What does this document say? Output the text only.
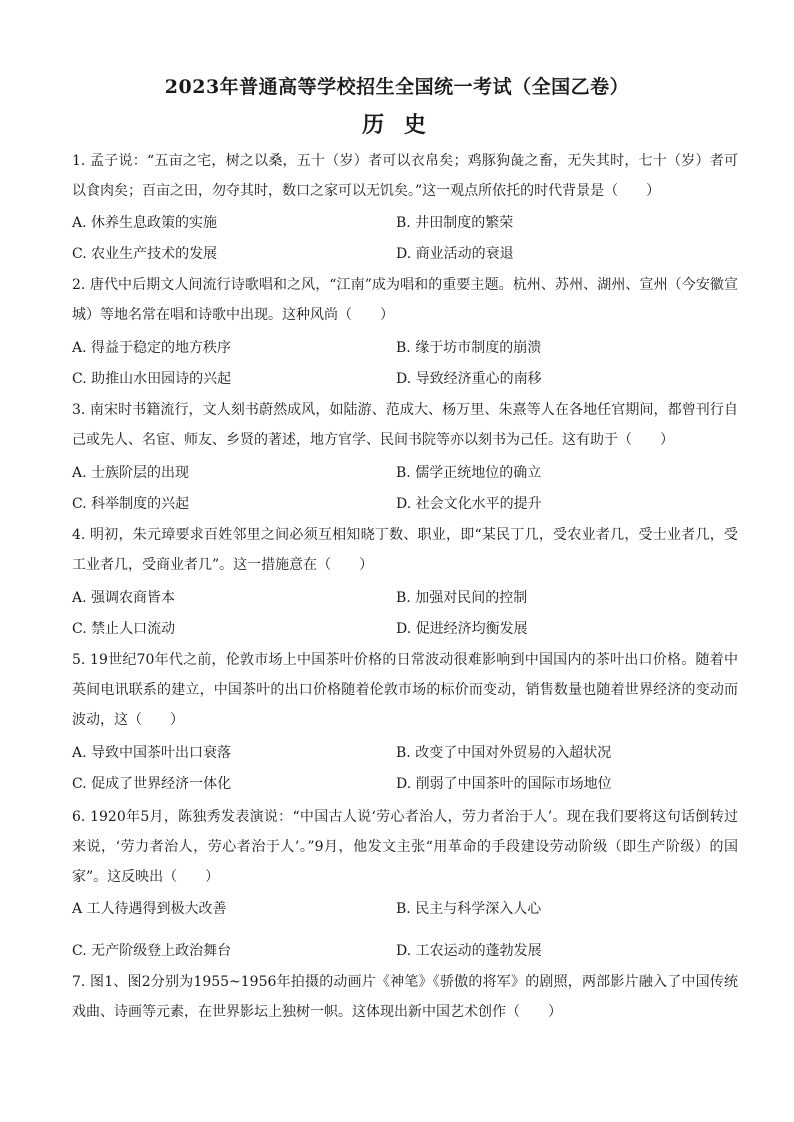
2023年普通高等学校招生全国统一考试（全国乙卷）
历 史
1. 孟子说：“五亩之宅，树之以桑，五十（岁）者可以衣帛矣；鸡豚狗彘之畜，无失其时，七十（岁）者可以食肉矣；百亩之田，勿夺其时，数口之家可以无饥矣。”这一观点所依托的时代背景是（　　）
A. 休养生息政策的实施	B. 井田制度的繁荣
C. 农业生产技术的发展	D. 商业活动的衰退
2. 唐代中后期文人间流行诗歌唱和之风，“江南”成为唱和的重要主题。杭州、苏州、湖州、宣州（今安徽宣城）等地名常在唱和诗歌中出现。这种风尚（　　）
A. 得益于稳定的地方秩序	B. 缘于坊市制度的崩溃
C. 助推山水田园诗的兴起	D. 导致经济重心的南移
3. 南宋时书籍流行，文人刻书蔚然成风，如陆游、范成大、杨万里、朱熹等人在各地任官期间，都曾刊行自己或先人、名宦、师友、乡贤的著述，地方官学、民间书院等亦以刻书为己任。这有助于（　　）
A. 士族阶层的出现	B. 儒学正统地位的确立
C. 科举制度的兴起	D. 社会文化水平的提升
4. 明初，朱元璋要求百姓邻里之间必须互相知晓丁数、职业，即“某民丁几，受农业者几，受士业者几，受工业者几，受商业者几”。这一措施意在（　　）
A. 强调农商皆本	B. 加强对民间的控制
C. 禁止人口流动	D. 促进经济均衡发展
5. 19世纪70年代之前，伦敦市场上中国茶叶价格的日常波动很难影响到中国国内的茶叶出口价格。随着中英间电讯联系的建立，中国茶叶的出口价格随着伦敦市场的标价而变动，销售数量也随着世界经济的变动而波动，这（　　）
A. 导致中国茶叶出口衰落	B. 改变了中国对外贸易的入超状况
C. 促成了世界经济一体化	D. 削弱了中国茶叶的国际市场地位
6. 1920年5月，陈独秀发表演说：“中国古人说‘劳心者治人，劳力者治于人’。现在我们要将这句话倒转过来说，‘劳力者治人，劳心者治于人’。”9月，他发文主张“用革命的手段建设劳动阶级（即生产阶级）的国家”。这反映出（　　）
A 工人待遇得到极大改善	B. 民主与科学深入人心
C. 无产阶级登上政治舞台	D. 工农运动的蓬勃发展
7. 图1、图2分别为1955~1956年拍摄的动画片《神笔》《骄傲的将军》的剧照，两部影片融入了中国传统戏曲、诗画等元素，在世界影坛上独树一帜。这体现出新中国艺术创作（　　）
